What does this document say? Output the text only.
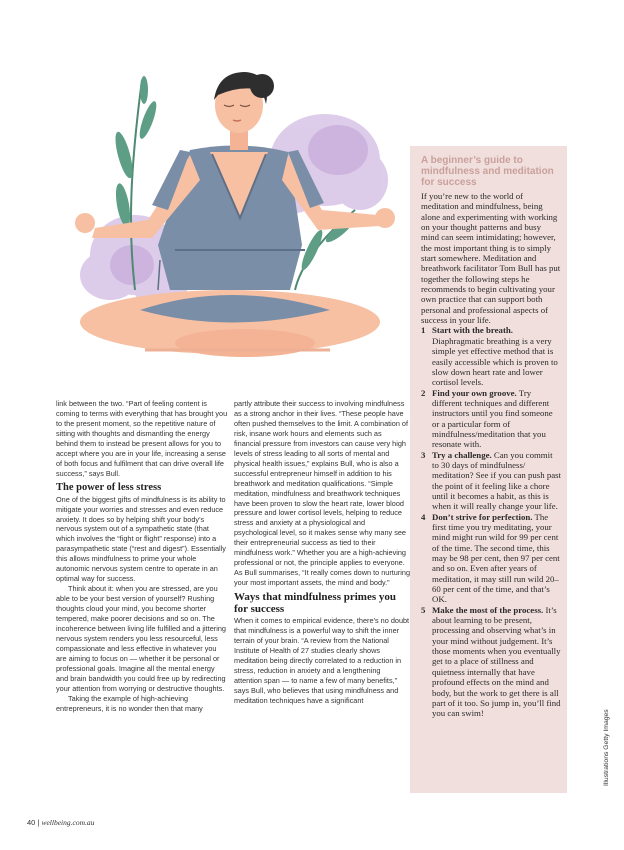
link between the two. “Part of feeling content is coming to terms with everything that has brought you to the present moment, so the repetitive nature of sitting with thoughts and dismantling the energy behind them to instead be present allows for you to accept where you are in your life, increasing a sense of both focus and fulfilment that can drive overall life success,” says Bull.

The power of less stress

One of the biggest gifts of mindfulness is its ability to mitigate your worries and stresses and even reduce anxiety. It does so by helping shift your body’s nervous system out of a sympathetic state (that which involves the “fight or flight” response) into a parasympathetic state (“rest and digest”). Essentially this allows mindfulness to prime your whole autonomic nervous system centre to operate in an optimal way for success.

Think about it: when you are stressed, are you able to be your best version of yourself? Rushing thoughts cloud your mind, you become shorter tempered, make poorer decisions and so on. The incoherence between living life fulfilled and a jittering nervous system renders you less resourceful, less compassionate and less effective in whatever you are aiming to focus on — whether it be personal or professional goals. Imagine all the mental energy and brain bandwidth you could free up by redirecting your attention from worrying or destructive thoughts.

Taking the example of high-achieving entrepreneurs, it is no wonder then that many

partly attribute their success to involving mindfulness as a strong anchor in their lives. “These people have often pushed themselves to the limit. A combination of risk, insane work hours and elements such as financial pressure from investors can cause very high levels of stress leading to all sorts of mental and physical health issues,” explains Bull, who is also a successful entrepreneur himself in addition to his breathwork and meditation qualifications. “Simple meditation, mindfulness and breathwork techniques have been proven to slow the heart rate, lower blood pressure and lower cortisol levels, helping to reduce stress and anxiety at a physiological and psychological level, so it makes sense why many see their entrepreneurial success as tied to their mindfulness work.” Whether you are a high-achieving professional or not, the principle applies to everyone. As Bull summarises, “It really comes down to nurturing your most important assets, the mind and body.”

Ways that mindfulness primes you for success

When it comes to empirical evidence, there’s no doubt that mindfulness is a powerful way to shift the inner terrain of your brain. “A review from the National Institute of Health of 27 studies clearly shows meditation being directly correlated to a reduction in stress, reduction in anxiety and a lengthening attention span — to name a few of many benefits,” says Bull, who believes that using mindfulness and meditation techniques have a significant

A beginner’s guide to mindfulness and meditation for success

If you’re new to the world of meditation and mindfulness, being alone and experimenting with working on your thought patterns and busy mind can seem intimidating; however, the most important thing is to simply start somewhere. Meditation and breathwork facilitator Tom Bull has put together the following steps he recommends to begin cultivating your own practice that can support both personal and professional aspects of success in your life.

1 Start with the breath. Diaphragmatic breathing is a very simple yet effective method that is easily accessible which is proven to slow down heart rate and lower cortisol levels.
2 Find your own groove. Try different techniques and different instructors until you find someone or a particular form of mindfulness/meditation that you resonate with.
3 Try a challenge. Can you commit to 30 days of mindfulness/ meditation? See if you can push past the point of it feeling like a chore until it becomes a habit, as this is when it will really change your life.
4 Don’t strive for perfection. The first time you try meditating, your mind might run wild for 99 per cent of the time. The second time, this may be 98 per cent, then 97 per cent and so on. Even after years of meditation, it may still run wild 20–60 per cent of the time, and that’s OK.
5 Make the most of the process. It’s about learning to be present, processing and observing what’s in your mind without judgement. It’s those moments when you eventually get to a place of stillness and quietness internally that have profound effects on the mind and body, but the work to get there is all part of it too. So jump in, you’ll find you can swim!	Illustrations Getty Images
40 | wellbeing.com.au
